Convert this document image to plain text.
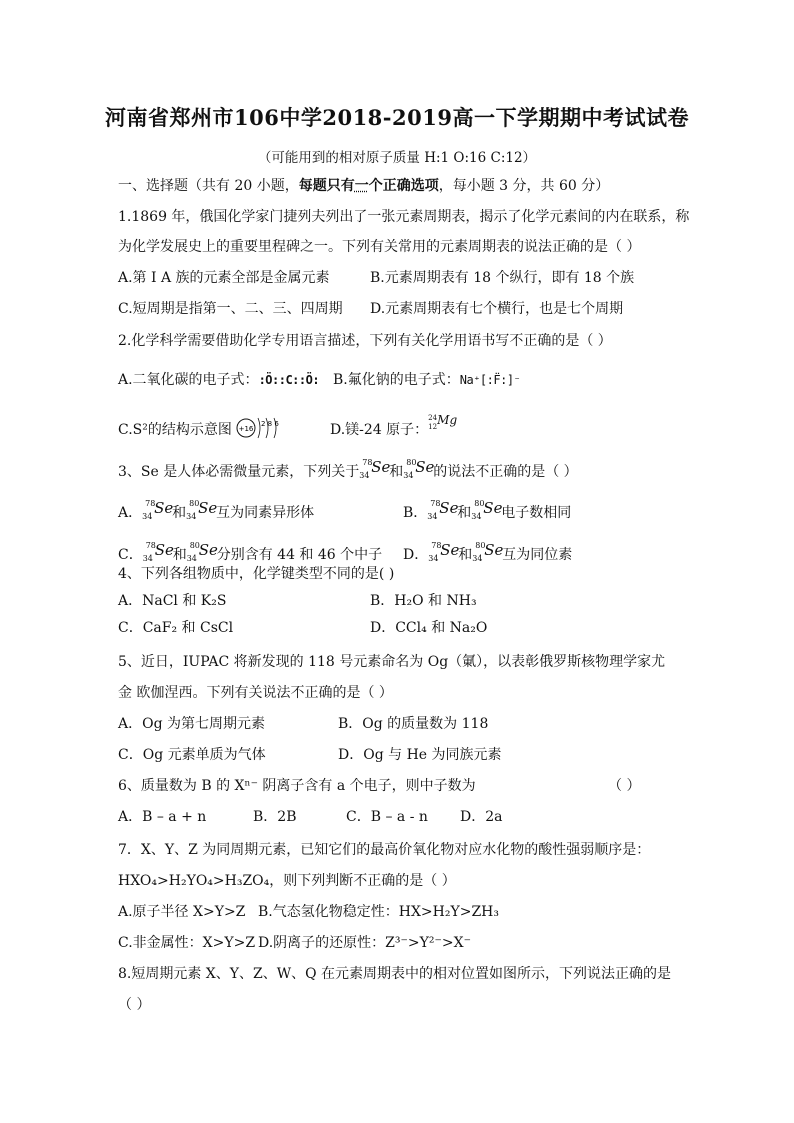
河南省郑州市106中学2018-2019高一下学期期中考试试卷
（可能用到的相对原子质量 H:1 O:16 C:12）
一、选择题（共有 20 小题，每题只有一个正确选项，每小题 3 分，共 60 分）
1.1869 年，俄国化学家门捷列夫列出了一张元素周期表，揭示了化学元素间的内在联系，称
为化学发展史上的重要里程碑之一。下列有关常用的元素周期表的说法正确的是（ ）
A.第 I A 族的元素全部是金属元素	B.元素周期表有 18 个纵行，即有 18 个族
C.短周期是指第一、二、三、四周期 D.元素周期表有七个横行，也是七个周期
2.化学科学需要借助化学专用语言描述，下列有关化学用语书写不正确的是（ ）
A.二氧化碳的电子式：:Ö::C::Ö: B.氟化钠的电子式：Na⁺[:F̈:]⁻
C.S²的结构示意图 +16
2 8 6	D.镁-24 原子：
24
12 Mg
3、Se 是人体必需微量元素，下列关于
78
34 Se
和
80
34 Se
的说法不正确的是（ ）
A．
78
34 Se
和
80
34 Se
互为同素异形体	B．
78
34 Se
和
80
34 Se
电子数相同
C．
78
34 Se
和
80
34 Se
分别含有 44 和 46 个中子 D．
78
34 Se
和
80
34 Se
互为同位素
4、下列各组物质中，化学键类型不同的是( )
A．NaCl 和 K₂S	B．H₂O 和 NH₃
C．CaF₂ 和 CsCl	D．CCl₄ 和 Na₂O
5、近日，IUPAC 将新发现的 118 号元素命名为 Og（氭），以表彰俄罗斯核物理学家尤
金 欧伽涅西。下列有关说法不正确的是（ ）
A．Og 为第七周期元素	B．Og 的质量数为 118
C．Og 元素单质为气体	D．Og 与 He 为同族元素
6、质量数为 B 的 Xⁿ⁻ 阴离子含有 a 个电子，则中子数为	（ ）
A．B – a + n	B．2B	C．B – a - n D．2a
7．X、Y、Z 为同周期元素，已知它们的最高价氧化物对应水化物的酸性强弱顺序是：
HXO₄>H₂YO₄>H₃ZO₄，则下列判断不正确的是（ ）
A.原子半径 X>Y>Z B.气态氢化物稳定性：HX>H₂Y>ZH₃
C.非金属性：X>Y>Z D.阴离子的还原性：Z³⁻>Y²⁻>X⁻
8.短周期元素 X、Y、Z、W、Q 在元素周期表中的相对位置如图所示，下列说法正确的是
（ ）
